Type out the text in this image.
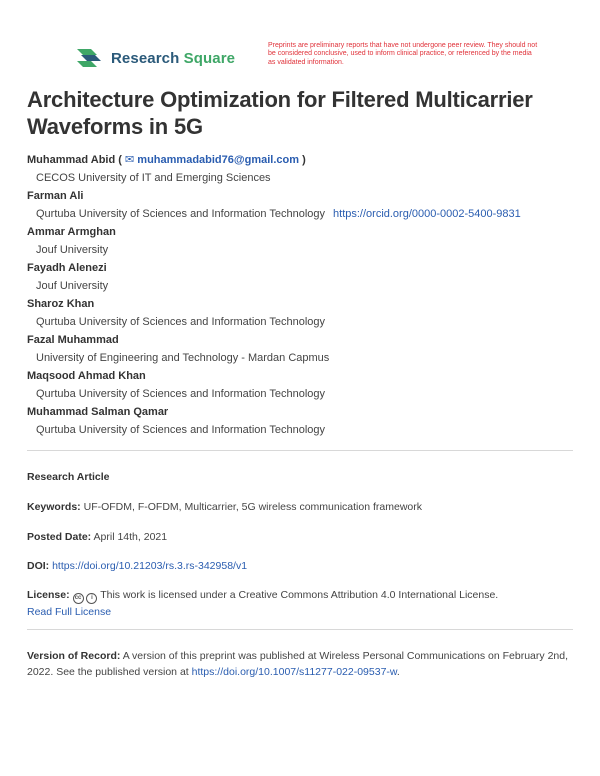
Research Square
Preprints are preliminary reports that have not undergone peer review. They should not be considered conclusive, used to inform clinical practice, or referenced by the media as validated information.
Architecture Optimization for Filtered Multicarrier Waveforms in 5G
Muhammad Abid ( ✉ muhammadabid76@gmail.com )
CECOS University of IT and Emerging Sciences
Farman Ali
Qurtuba University of Sciences and Information Technology https://orcid.org/0000-0002-5400-9831
Ammar Armghan
Jouf University
Fayadh Alenezi
Jouf University
Sharoz Khan
Qurtuba University of Sciences and Information Technology
Fazal Muhammad
University of Engineering and Technology - Mardan Capmus
Maqsood Ahmad Khan
Qurtuba University of Sciences and Information Technology
Muhammad Salman Qamar
Qurtuba University of Sciences and Information Technology
Research Article
Keywords: UF-OFDM, F-OFDM, Multicarrier, 5G wireless communication framework
Posted Date: April 14th, 2021
DOI: https://doi.org/10.21203/rs.3.rs-342958/v1
License: cc i This work is licensed under a Creative Commons Attribution 4.0 International License.
Read Full License
Version of Record: A version of this preprint was published at Wireless Personal Communications on February 2nd, 2022. See the published version at https://doi.org/10.1007/s11277-022-09537-w.
